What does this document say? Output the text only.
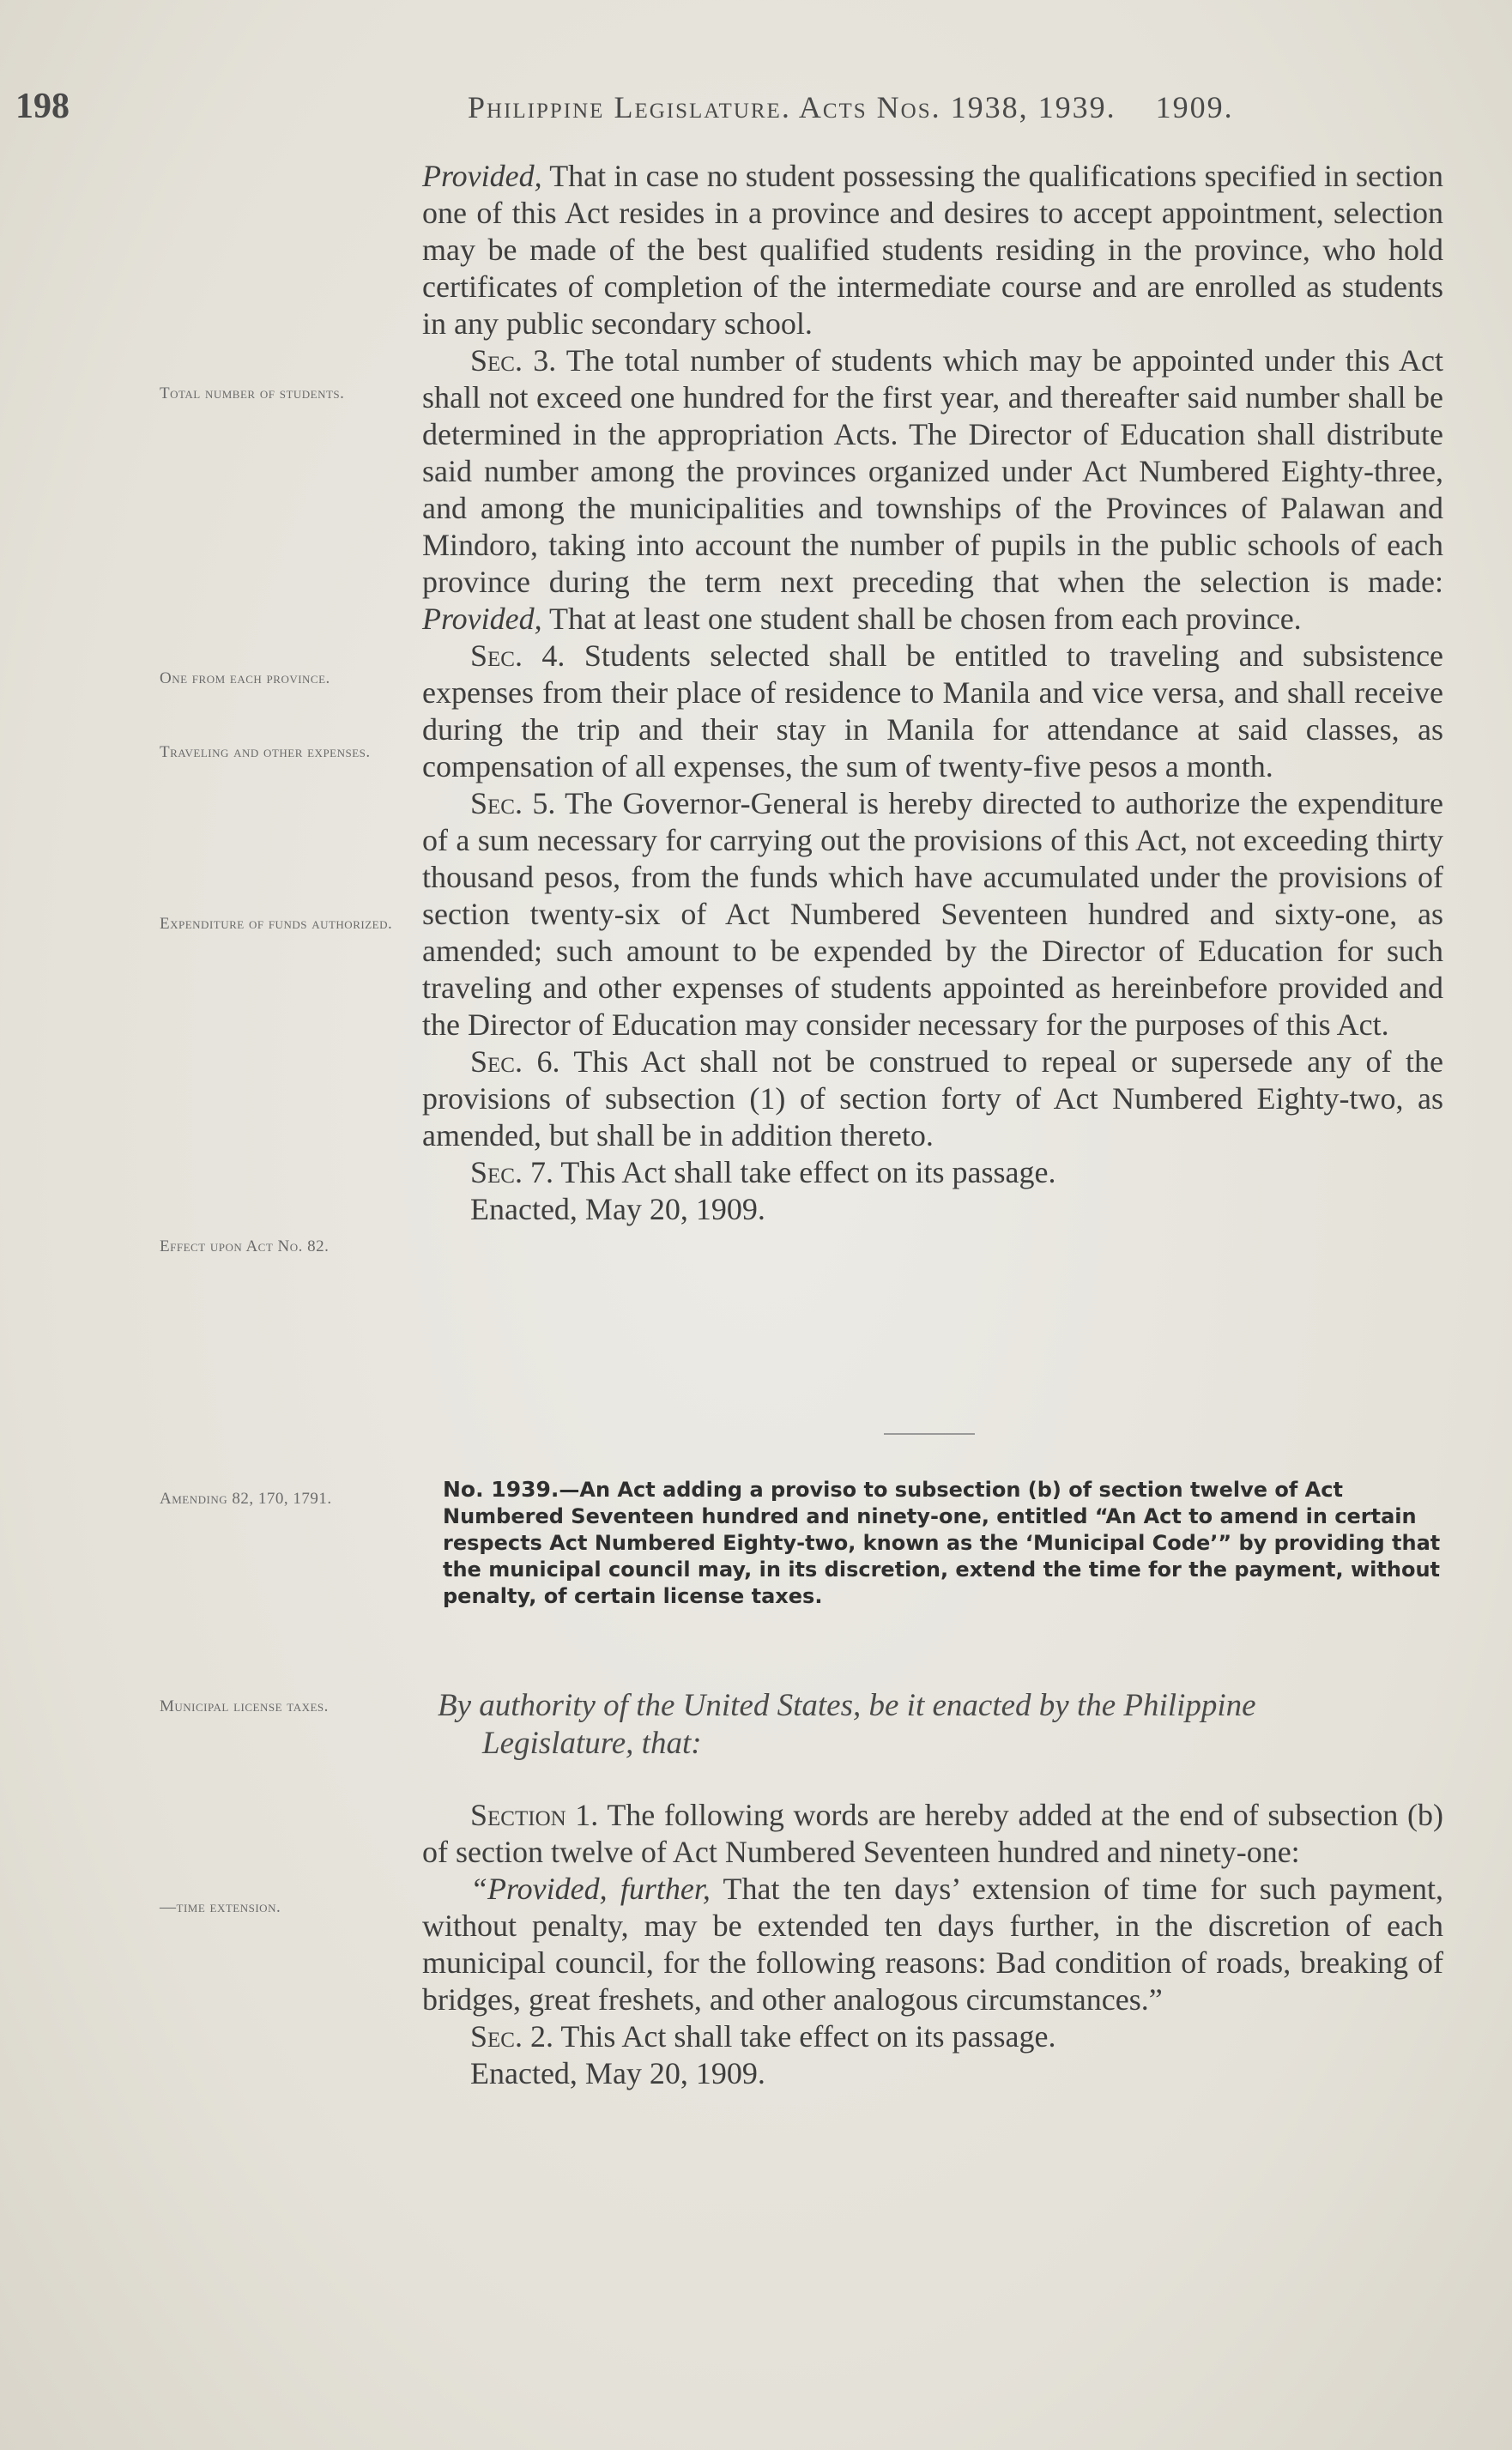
198	Philippine Legislature. Acts Nos. 1938, 1939. 1909.
Total number of students.
One from each province.
Traveling and other expenses.
Expenditure of funds authorized.
Effect upon Act No. 82.
Amending 82, 170, 1791.
Municipal license taxes.
—time extension.

Provided, That in case no student possessing the qualifications specified in section one of this Act resides in a province and desires to accept appointment, selection may be made of the best qualified students residing in the province, who hold certificates of completion of the intermediate course and are enrolled as students in any public secondary school.

Sec. 3. The total number of students which may be appointed under this Act shall not exceed one hundred for the first year, and thereafter said number shall be determined in the appropriation Acts. The Director of Education shall distribute said number among the provinces organized under Act Numbered Eighty-three, and among the municipalities and townships of the Provinces of Palawan and Mindoro, taking into account the number of pupils in the public schools of each province during the term next preceding that when the selection is made: Provided, That at least one student shall be chosen from each province.

Sec. 4. Students selected shall be entitled to traveling and subsistence expenses from their place of residence to Manila and vice versa, and shall receive during the trip and their stay in Manila for attendance at said classes, as compensation of all expenses, the sum of twenty-five pesos a month.

Sec. 5. The Governor-General is hereby directed to authorize the expenditure of a sum necessary for carrying out the provisions of this Act, not exceeding thirty thousand pesos, from the funds which have accumulated under the provisions of section twenty-six of Act Numbered Seventeen hundred and sixty-one, as amended; such amount to be expended by the Director of Education for such traveling and other expenses of students appointed as hereinbefore provided and the Director of Education may consider necessary for the purposes of this Act.

Sec. 6. This Act shall not be construed to repeal or supersede any of the provisions of subsection (1) of section forty of Act Numbered Eighty-two, as amended, but shall be in addition thereto.

Sec. 7. This Act shall take effect on its passage.

Enacted, May 20, 1909.

No. 1939.—An Act adding a proviso to subsection (b) of section twelve of Act Numbered Seventeen hundred and ninety-one, entitled “An Act to amend in certain respects Act Numbered Eighty-two, known as the ‘Municipal Code’” by providing that the municipal council may, in its discretion, extend the time for the payment, without penalty, of certain license taxes.
By authority of the United States, be it enacted by the Philippine
Legislature, that:

Section 1. The following words are hereby added at the end of subsection (b) of section twelve of Act Numbered Seventeen hundred and ninety-one:

“Provided, further, That the ten days’ extension of time for such payment, without penalty, may be extended ten days further, in the discretion of each municipal council, for the following reasons: Bad condition of roads, breaking of bridges, great freshets, and other analogous circumstances.”

Sec. 2. This Act shall take effect on its passage.

Enacted, May 20, 1909.
